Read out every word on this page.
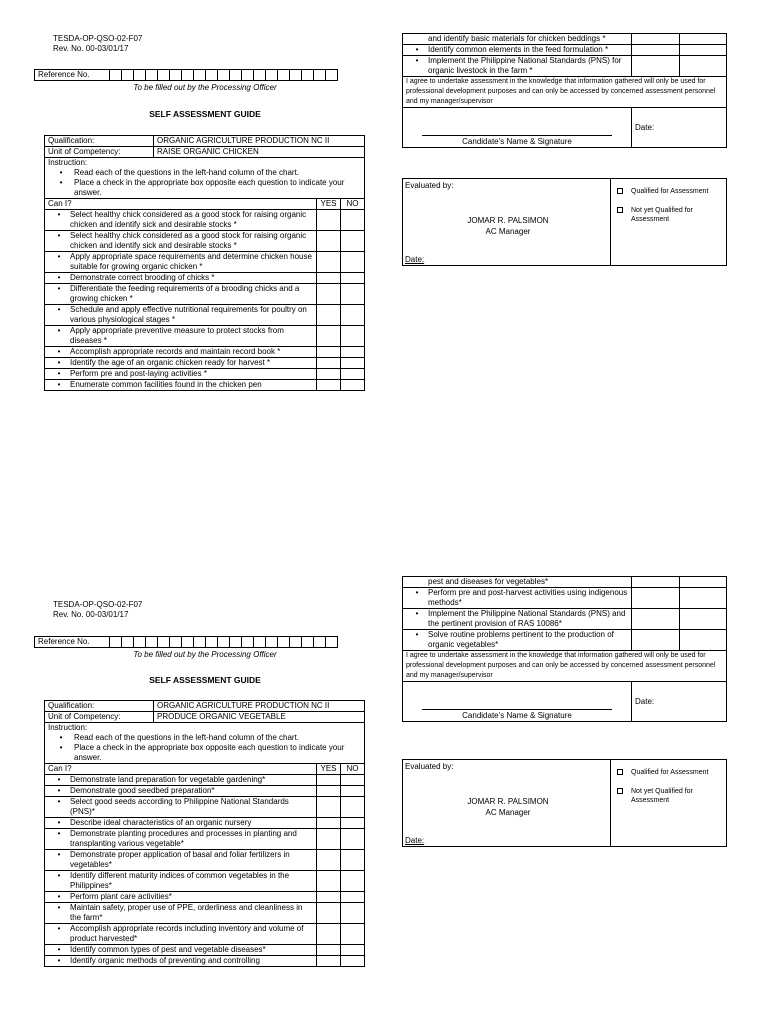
TESDA-OP-QSO-02-F07
Rev. No. 00-03/01/17
Reference No.
To be filled out by the Processing Officer
SELF ASSESSMENT GUIDE
Qualification:	ORGANIC AGRICULTURE PRODUCTION NC II		
Unit of Competency:	RAISE ORGANIC CHICKEN		

Instruction:
• Read each of the questions in the left-hand column of the chart.
• Place a check in the appropriate box opposite each question to indicate your answer.			

Can I?		YES	NO

• Select healthy chick considered as a good stock for raising organic chicken and identify sick and desirable stocks *			

• Select healthy chick considered as a good stock for raising organic chicken and identify sick and desirable stocks *			

• Apply appropriate space requirements and determine chicken house suitable for growing organic chicken *			

• Demonstrate correct brooding of chicks *			

• Differentiate the feeding requirements of a brooding chicks and a growing chicken *			

• Schedule and apply effective nutritional requirements for poultry on various physiological stages *			

• Apply appropriate preventive measure to protect stocks from diseases *			

• Accomplish appropriate records and maintain record book *			

• Identify the age of an organic chicken ready for harvest *			

• Perform pre and post-laying activities *			

• Enumerate common facilities found in the chicken pen			

and identify basic materials for chicken beddings *		

• Identify common elements in the feed formulation *		

• Implement the Philippine National Standards (PNS) for organic livestock in the farm *		

I agree to undertake assessment in the knowledge that information gathered will only be used for professional development purposes and can only be accessed by concerned assessment personnel and my manager/supervisor		

Candidate’s Name & Signature	Date:	
Evaluated by:
JOMAR R. PALSIMON
AC Manager
Date:
Qualified for Assessment
Not yet Qualified for Assessment
TESDA-OP-QSO-02-F07
Rev. No. 00-03/01/17
Reference No.
To be filled out by the Processing Officer
SELF ASSESSMENT GUIDE
Qualification:	ORGANIC AGRICULTURE PRODUCTION NC II		
Unit of Competency:	PRODUCE ORGANIC VEGETABLE		

Instruction:
• Read each of the questions in the left-hand column of the chart.
• Place a check in the appropriate box opposite each question to indicate your answer.			

Can I?		YES	NO

• Demonstrate land preparation for vegetable gardening*			

• Demonstrate good seedbed preparation*			

• Select good seeds according to Philippine National Standards (PNS)*			

• Describe ideal characteristics of an organic nursery			

• Demonstrate planting procedures and processes in planting and transplanting various vegetable*			

• Demonstrate proper application of basal and foliar fertilizers in vegetables*			

• Identify different maturity indices of common vegetables in the Philippines*			

• Perform plant care activities*			

• Maintain safety, proper use of PPE, orderliness and cleanliness in the farm*			

• Accomplish appropriate records including inventory and volume of product harvested*			

• Identify common types of pest and vegetable diseases*			

• Identify organic methods of preventing and controlling			

pest and diseases for vegetables*		

• Perform pre and post-harvest activities using indigenous methods*		

• Implement the Philippine National Standards (PNS) and the pertinent provision of RAS 10086*		

• Solve routine problems pertinent to the production of organic vegetables*		

I agree to undertake assessment in the knowledge that information gathered will only be used for professional development purposes and can only be accessed by concerned assessment personnel and my manager/supervisor		

Candidate’s Name & Signature	Date:	
Evaluated by:
JOMAR R. PALSIMON
AC Manager
Date:
Qualified for Assessment
Not yet Qualified for Assessment
